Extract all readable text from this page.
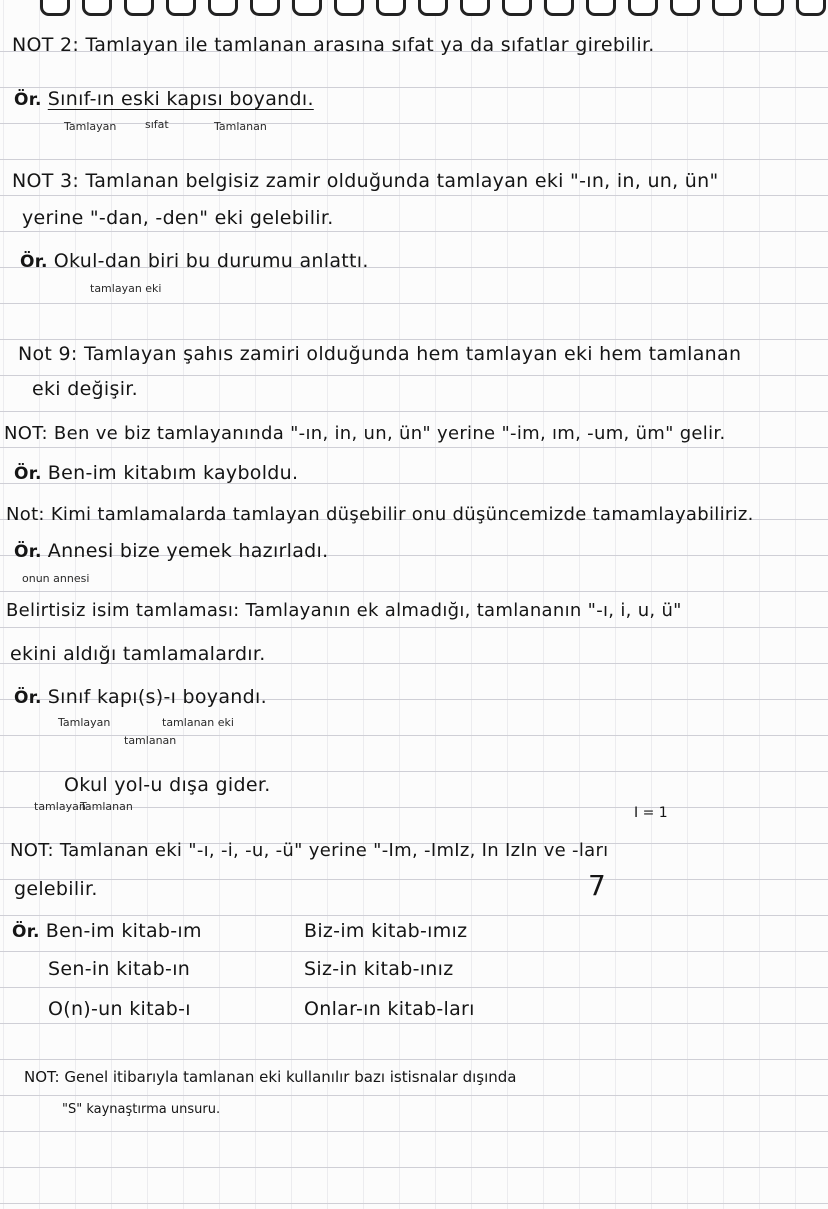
NOT 2: Tamlayan ile tamlanan arasına sıfat ya da sıfatlar girebilir.
Ör. Sınıf-ın eski kapısı boyandı.
Tamlayan	sıfat	Tamlanan
NOT 3: Tamlanan belgisiz zamir olduğunda tamlayan eki "-ın, in, un, ün"
yerine "-dan, -den" eki gelebilir.
Ör. Okul-dan biri bu durumu anlattı.
tamlayan eki
Not 9: Tamlayan şahıs zamiri olduğunda hem tamlayan eki hem tamlanan
eki değişir.
NOT: Ben ve biz tamlayanında "-ın, in, un, ün" yerine "-im, ım, -um, üm" gelir.
Ör. Ben-im kitabım kayboldu.
Not: Kimi tamlamalarda tamlayan düşebilir onu düşüncemizde tamamlayabiliriz.
Ör. Annesi bize yemek hazırladı.
onun annesi
Belirtisiz isim tamlaması: Tamlayanın ek almadığı, tamlananın "-ı, i, u, ü"
ekini aldığı tamlamalardır.
Ör. Sınıf kapı(s)-ı boyandı.
Tamlayan	tamlanan eki
tamlanan
Okul yol-u dışa gider.
tamlayan
Tamlanan	I = 1
NOT: Tamlanan eki "-ı, -i, -u, -ü" yerine "-Im, -ImIz, In IzIn ve -ları
gelebilir.	7
Ör. Ben-im kitab-ım	Biz-im kitab-ımız
Sen-in kitab-ın	Siz-in kitab-ınız
O(n)-un kitab-ı	Onlar-ın kitab-ları
NOT: Genel itibarıyla tamlanan eki kullanılır bazı istisnalar dışında
"S" kaynaştırma unsuru.
